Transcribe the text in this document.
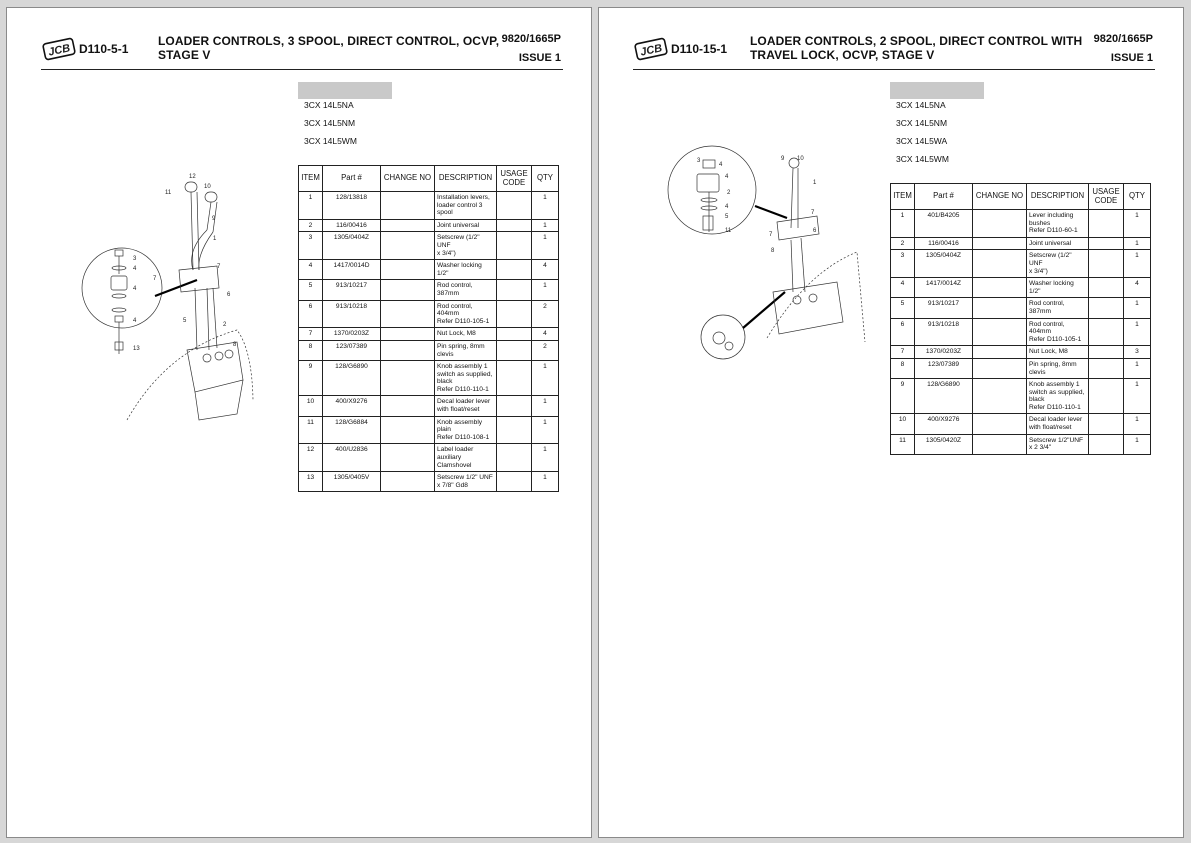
JCB D110-5-1
LOADER CONTROLS, 3 SPOOL, DIRECT CONTROL, OCVP, STAGE V
9820/1665P
ISSUE 1
3CX 14L5NA
3CX 14L5NM
3CX 14L5WM
12
11
10
9
1
3
4
4
4
13
7
7
6
5
2
8
ITEM	Part #	CHANGE NO	DESCRIPTION	USAGE CODE	QTY
1	128/13818		Installation levers,
loader control 3
spool		1
2	116/00416		Joint universal		1
3	1305/0404Z		Setscrew (1/2" UNF
x 3/4")		1
4	1417/0014D		Washer locking
1/2"		4
5	913/10217		Rod control,
387mm		1
6	913/10218		Rod control,
404mm
Refer D110-105-1		2
7	1370/0203Z		Nut Lock, M8		4
8	123/07389		Pin spring, 8mm
clevis		2
9	128/G6890		Knob assembly 1
switch as supplied,
black
Refer D110-110-1		1
10	400/X9276		Decal loader lever
with float/reset		1
11	128/G6884		Knob assembly
plain
Refer D110-108-1		1
12	400/U2836		Label loader
auxiliary
Clamshovel		1
13	1305/0405V		Setscrew 1/2" UNF
x 7/8" Gd8		1
JCB D110-15-1
LOADER CONTROLS, 2 SPOOL, DIRECT CONTROL WITH TRAVEL LOCK, OCVP, STAGE V
9820/1665P
ISSUE 1
3CX 14L5NA
3CX 14L5NM
3CX 14L5WA
3CX 14L5WM
3
4
4
2
4
5
11
9 10
1
7
6
7
8
ITEM	Part #	CHANGE NO	DESCRIPTION	USAGE CODE	QTY
1	401/B4205		Lever including
bushes
Refer D110-60-1		1
2	116/00416		Joint universal		1
3	1305/0404Z		Setscrew (1/2" UNF
x 3/4")		1
4	1417/0014Z		Washer locking
1/2"		4
5	913/10217		Rod control,
387mm		1
6	913/10218		Rod control,
404mm
Refer D110-105-1		1
7	1370/0203Z		Nut Lock, M8		3
8	123/07389		Pin spring, 8mm
clevis		1
9	128/G6890		Knob assembly 1
switch as supplied,
black
Refer D110-110-1		1
10	400/X9276		Decal loader lever
with float/reset		1
11	1305/0420Z		Setscrew 1/2"UNF
x 2 3/4"		1
